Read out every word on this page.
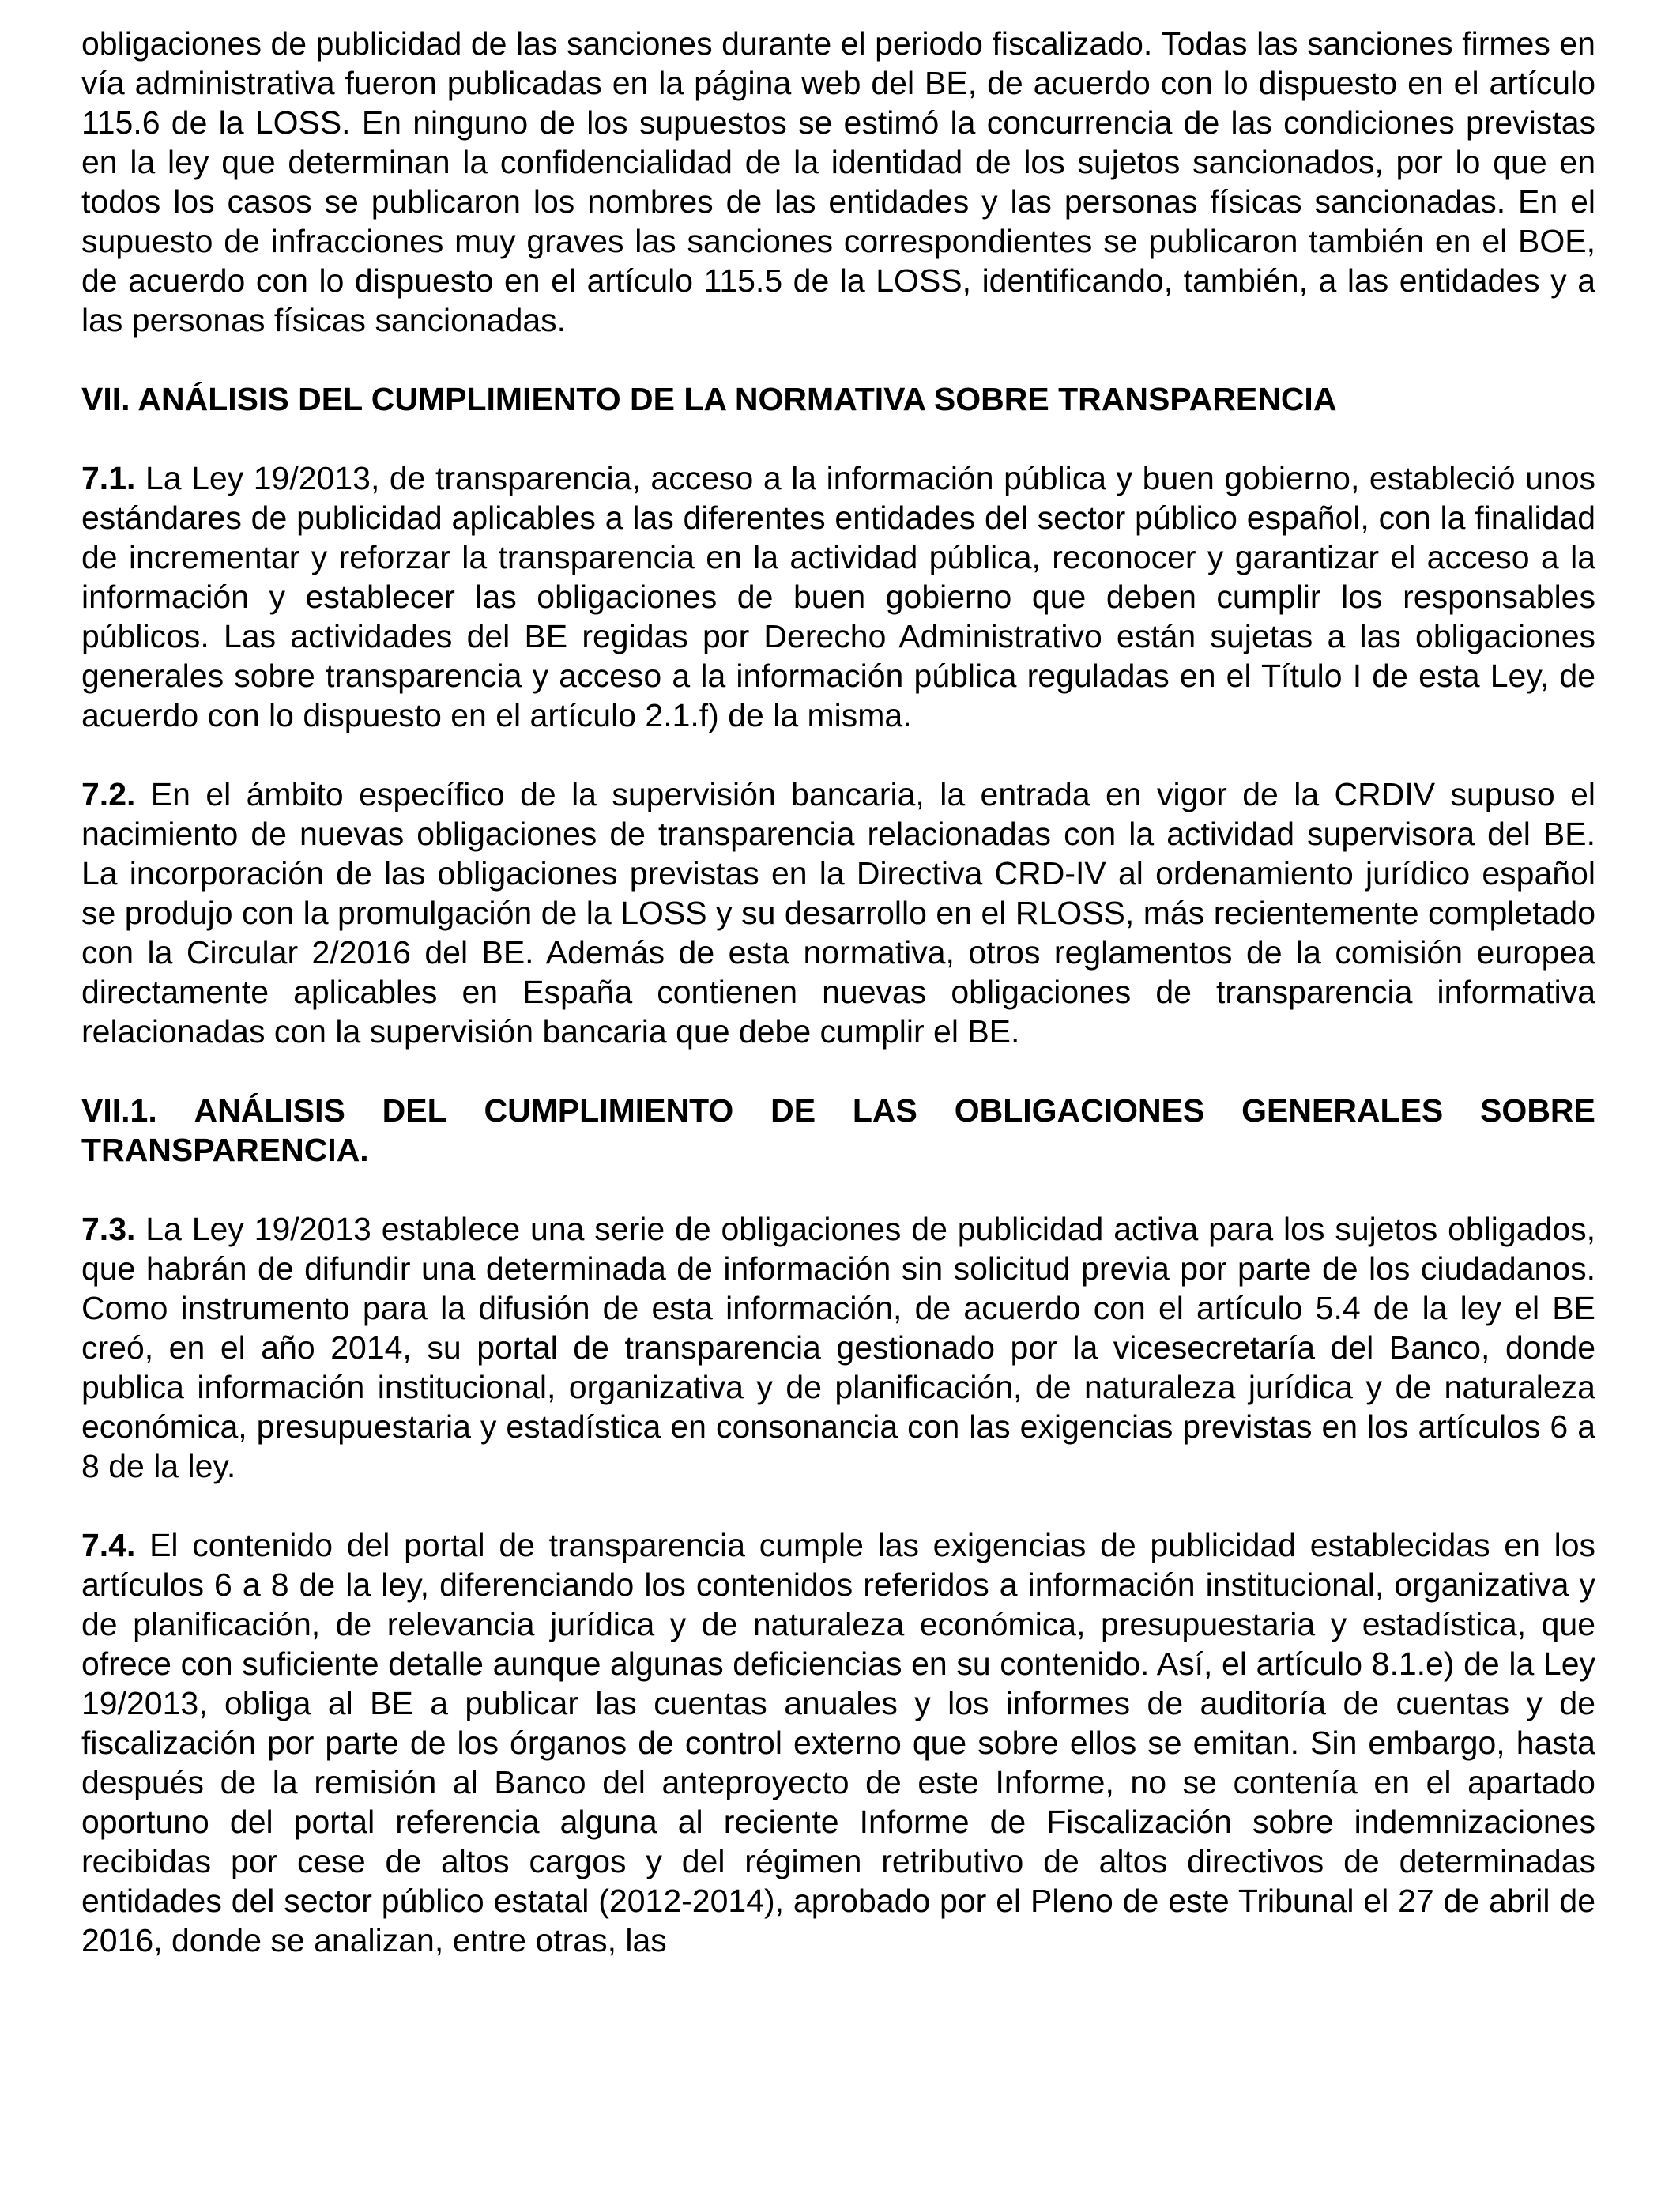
obligaciones de publicidad de las sanciones durante el periodo fiscalizado. Todas las sanciones firmes en vía administrativa fueron publicadas en la página web del BE, de acuerdo con lo dispuesto en el artículo 115.6 de la LOSS. En ninguno de los supuestos se estimó la concurrencia de las condiciones previstas en la ley que determinan la confidencialidad de la identidad de los sujetos sancionados, por lo que en todos los casos se publicaron los nombres de las entidades y las personas físicas sancionadas. En el supuesto de infracciones muy graves las sanciones correspondientes se publicaron también en el BOE, de acuerdo con lo dispuesto en el artículo 115.5 de la LOSS, identificando, también, a las entidades y a las personas físicas sancionadas.

VII. ANÁLISIS DEL CUMPLIMIENTO DE LA NORMATIVA SOBRE TRANSPARENCIA

7.1. La Ley 19/2013, de transparencia, acceso a la información pública y buen gobierno, estableció unos estándares de publicidad aplicables a las diferentes entidades del sector público español, con la finalidad de incrementar y reforzar la transparencia en la actividad pública, reconocer y garantizar el acceso a la información y establecer las obligaciones de buen gobierno que deben cumplir los responsables públicos. Las actividades del BE regidas por Derecho Administrativo están sujetas a las obligaciones generales sobre transparencia y acceso a la información pública reguladas en el Título I de esta Ley, de acuerdo con lo dispuesto en el artículo 2.1.f) de la misma.

7.2. En el ámbito específico de la supervisión bancaria, la entrada en vigor de la CRDIV supuso el nacimiento de nuevas obligaciones de transparencia relacionadas con la actividad supervisora del BE. La incorporación de las obligaciones previstas en la Directiva CRD-IV al ordenamiento jurídico español se produjo con la promulgación de la LOSS y su desarrollo en el RLOSS, más recientemente completado con la Circular 2/2016 del BE. Además de esta normativa, otros reglamentos de la comisión europea directamente aplicables en España contienen nuevas obligaciones de transparencia informativa relacionadas con la supervisión bancaria que debe cumplir el BE.

VII.1. ANÁLISIS DEL CUMPLIMIENTO DE LAS OBLIGACIONES GENERALES SOBRE
TRANSPARENCIA.

7.3. La Ley 19/2013 establece una serie de obligaciones de publicidad activa para los sujetos obligados, que habrán de difundir una determinada de información sin solicitud previa por parte de los ciudadanos. Como instrumento para la difusión de esta información, de acuerdo con el artículo 5.4 de la ley el BE creó, en el año 2014, su portal de transparencia gestionado por la vicesecretaría del Banco, donde publica información institucional, organizativa y de planificación, de naturaleza jurídica y de naturaleza económica, presupuestaria y estadística en consonancia con las exigencias previstas en los artículos 6 a 8 de la ley.

7.4. El contenido del portal de transparencia cumple las exigencias de publicidad establecidas en los artículos 6 a 8 de la ley, diferenciando los contenidos referidos a información institucional, organizativa y de planificación, de relevancia jurídica y de naturaleza económica, presupuestaria y estadística, que ofrece con suficiente detalle aunque algunas deficiencias en su contenido. Así, el artículo 8.1.e) de la Ley 19/2013, obliga al BE a publicar las cuentas anuales y los informes de auditoría de cuentas y de fiscalización por parte de los órganos de control externo que sobre ellos se emitan. Sin embargo, hasta después de la remisión al Banco del anteproyecto de este Informe, no se contenía en el apartado oportuno del portal referencia alguna al reciente Informe de Fiscalización sobre indemnizaciones recibidas por cese de altos cargos y del régimen retributivo de altos directivos de determinadas entidades del sector público estatal (2012-2014), aprobado por el Pleno de este Tribunal el 27 de abril de 2016, donde se analizan, entre otras, las
